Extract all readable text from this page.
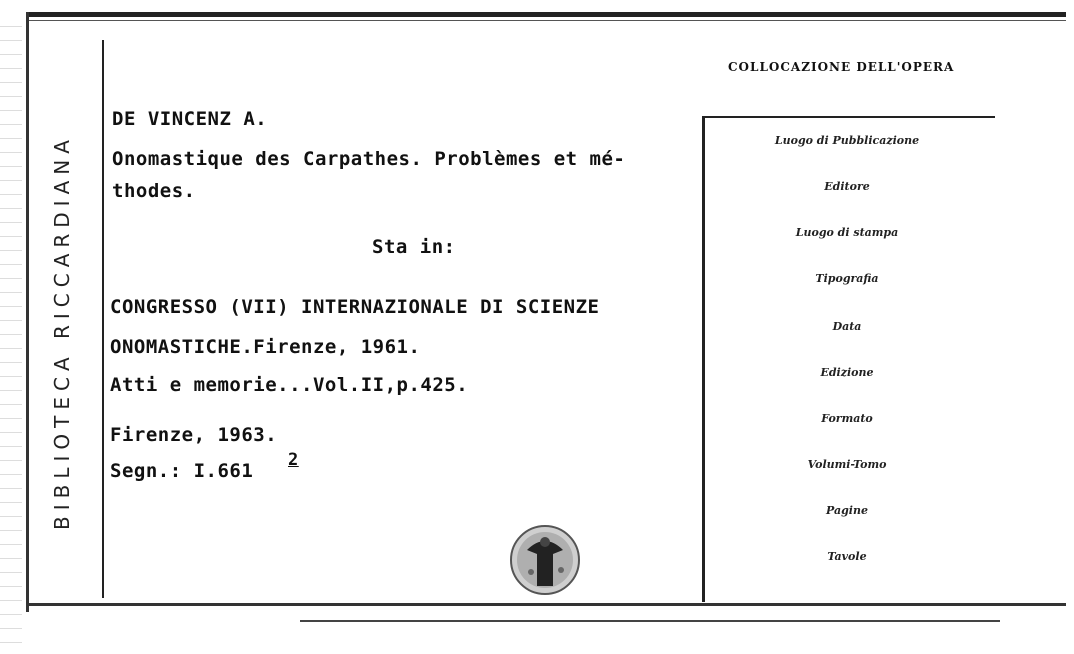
BIBLIOTECA RICCARDIANA
DE VINCENZ A.
Onomastique des Carpathes. Problèmes et mé-
thodes.
Sta in:
CONGRESSO (VII) INTERNAZIONALE DI SCIENZE
ONOMASTICHE.Firenze, 1961.
Atti e memorie...Vol.II,p.425.
Firenze, 1963.
Segn.: I.661 2
COLLOCAZIONE DELL'OPERA
Luogo di Pubblicazione
Editore
Luogo di stampa
Tipografia
Data
Edizione
Formato
Volumi-Tomo
Pagine
Tavole
